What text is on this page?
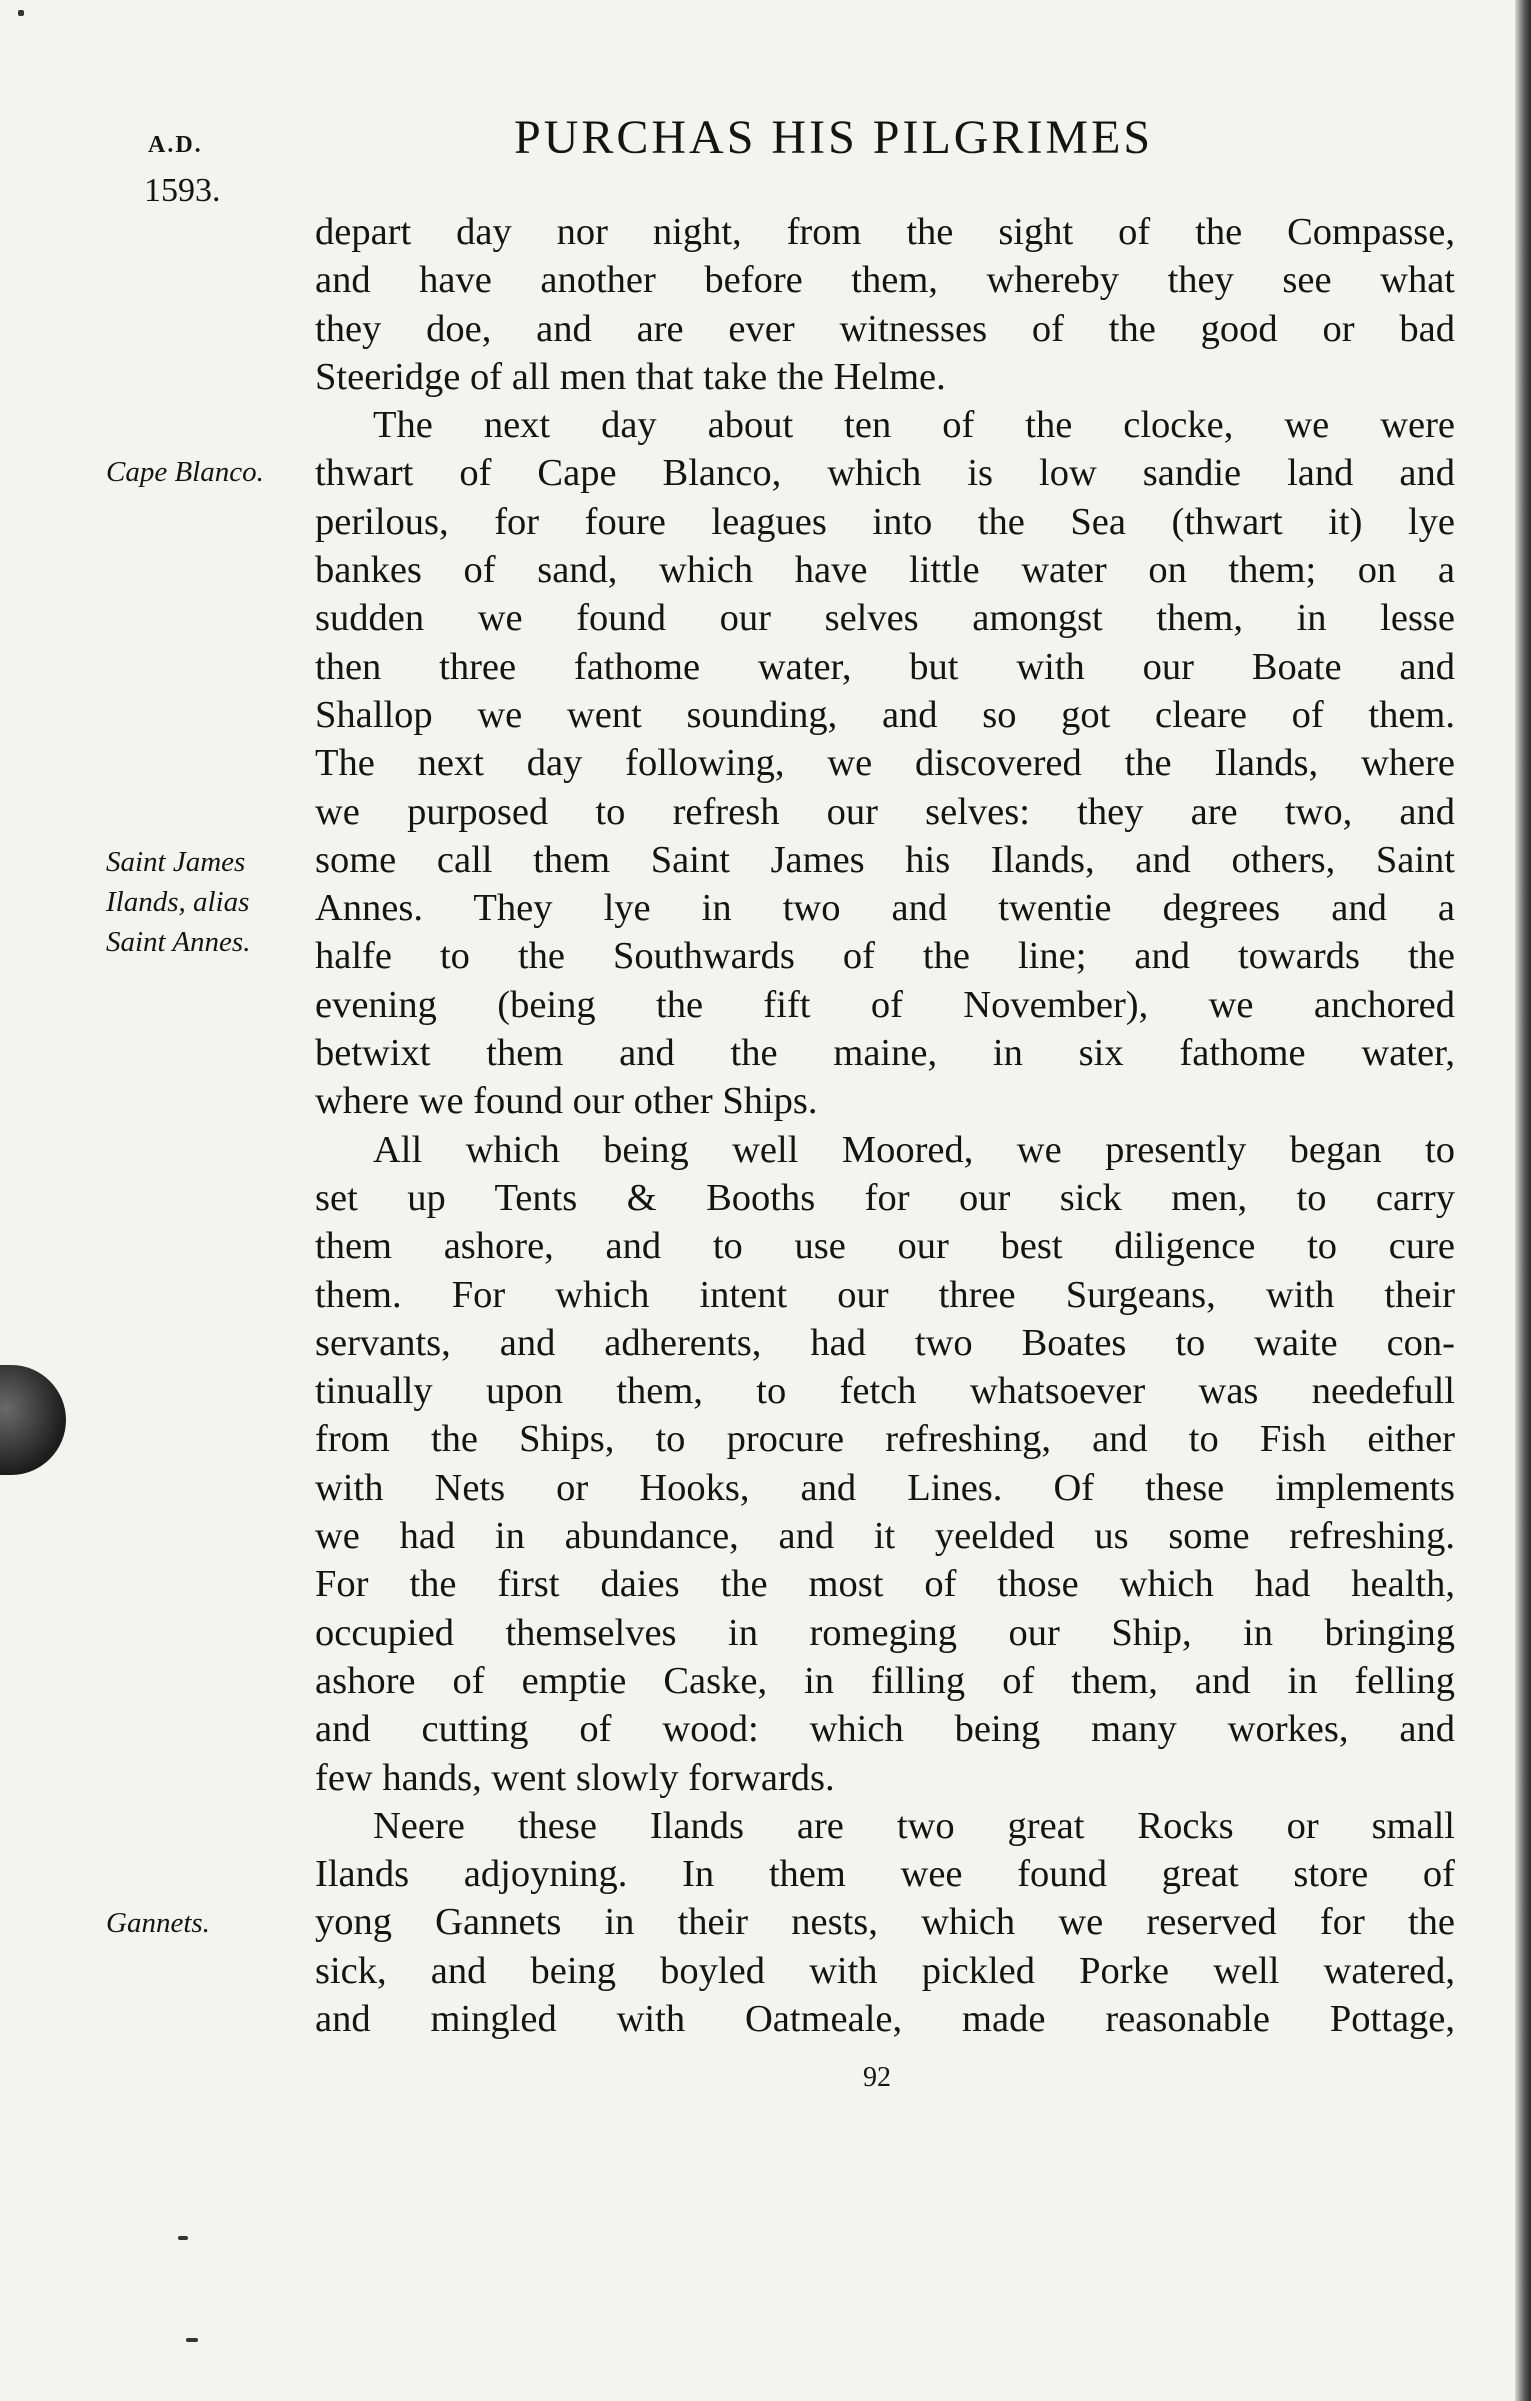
A.D.
1593.
Cape Blanco.
Saint James
Ilands, alias
Saint Annes.
Gannets.
PURCHAS HIS PILGRIMES
depart day nor night, from the sight of the Compasse,
and have another before them, whereby they see what
they doe, and are ever witnesses of the good or bad
Steeridge of all men that take the Helme.
The next day about ten of the clocke, we were
thwart of Cape Blanco, which is low sandie land and
perilous, for foure leagues into the Sea (thwart it) lye
bankes of sand, which have little water on them; on a
sudden we found our selves amongst them, in lesse
then three fathome water, but with our Boate and
Shallop we went sounding, and so got cleare of them.
The next day following, we discovered the Ilands, where
we purposed to refresh our selves: they are two, and
some call them Saint James his Ilands, and others, Saint
Annes. They lye in two and twentie degrees and a
halfe to the Southwards of the line; and towards the
evening (being the fift of November), we anchored
betwixt them and the maine, in six fathome water,
where we found our other Ships.
All which being well Moored, we presently began to
set up Tents & Booths for our sick men, to carry
them ashore, and to use our best diligence to cure
them. For which intent our three Surgeans, with their
servants, and adherents, had two Boates to waite con-
tinually upon them, to fetch whatsoever was needefull
from the Ships, to procure refreshing, and to Fish either
with Nets or Hooks, and Lines. Of these implements
we had in abundance, and it yeelded us some refreshing.
For the first daies the most of those which had health,
occupied themselves in romeging our Ship, in bringing
ashore of emptie Caske, in filling of them, and in felling
and cutting of wood: which being many workes, and
few hands, went slowly forwards.
Neere these Ilands are two great Rocks or small
Ilands adjoyning. In them wee found great store of
yong Gannets in their nests, which we reserved for the
sick, and being boyled with pickled Porke well watered,
and mingled with Oatmeale, made reasonable Pottage,
92
